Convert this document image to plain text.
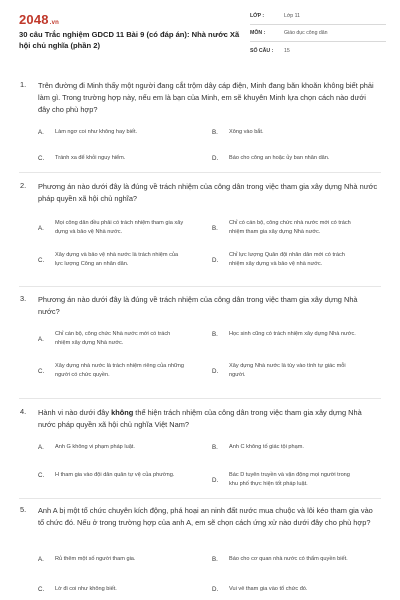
2048.vn
30 câu Trắc nghiệm GDCD 11 Bài 9 (có đáp án): Nhà nước Xã hội chủ nghĩa (phần 2)
LỚP :	Lớp 11
MÔN :	Giáo dục công dân
SỐ CÂU :	15
1. Trên đường đi Minh thấy một người đang cắt trộm dây cáp điện, Minh đang băn khoăn không biết phải làm gì. Trong trường hợp này, nếu em là bạn của Minh, em sẽ khuyên Minh lựa chọn cách nào dưới đây cho phù hợp?
A.	Làm ngơ coi như không hay biết.	B.	Xông vào bắt.
C.	Tránh xa để khỏi nguy hiểm.	D.	Báo cho công an hoặc ủy ban nhân dân.
2. Phương án nào dưới đây là đúng về trách nhiệm của công dân trong việc tham gia xây dựng Nhà nước pháp quyền xã hội chủ nghĩa?
A.
Mọi công dân đều phải có trách nhiệm tham gia xây dựng và bảo vệ Nhà nước.
B.
Chỉ có cán bộ, công chức nhà nước mới có trách nhiệm tham gia xây dựng Nhà nước.
C.
Xây dựng và bảo vệ nhà nước là trách nhiệm của lực lượng Công an nhân dân.
D.
Chỉ lực lượng Quân đội nhân dân mới có trách nhiệm xây dựng và bảo vệ nhà nước.
3. Phương án nào dưới đây là đúng về trách nhiệm của công dân trong việc tham gia xây dựng Nhà nước?
A.
Chỉ cán bộ, công chức Nhà nước mới có trách nhiệm xây dựng Nhà nước.
B.	Học sinh cũng có trách nhiệm xây dựng Nhà nước.
C.
Xây dựng nhà nước là trách nhiệm riêng của những người có chức quyền.
D.
Xây dựng Nhà nước là tùy vào tính tự giác mỗi người.
4. Hành vi nào dưới đây không thể hiện trách nhiệm của công dân trong việc tham gia xây dựng Nhà nước pháp quyền xã hội chủ nghĩa Việt Nam?
A.	Anh G không vi phạm pháp luật.	B.	Anh C không tố giác tội phạm.
C.	H tham gia vào đội dân quân tự vệ của phường.
D.
Bác D tuyên truyền và vận động mọi người trong khu phố thực hiện tốt pháp luật.
5. Anh A bị một tổ chức chuyên kích động, phá hoại an ninh đất nước mua chuộc và lôi kéo tham gia vào tổ chức đó. Nếu ở trong trường hợp của anh A, em sẽ chọn cách ứng xử nào dưới đây cho phù hợp?
A.	Rủ thêm một số người tham gia.	B.	Báo cho cơ quan nhà nước có thẩm quyền biết.
C.	Lờ đi coi như không biết.	D.	Vui vẻ tham gia vào tổ chức đó.
